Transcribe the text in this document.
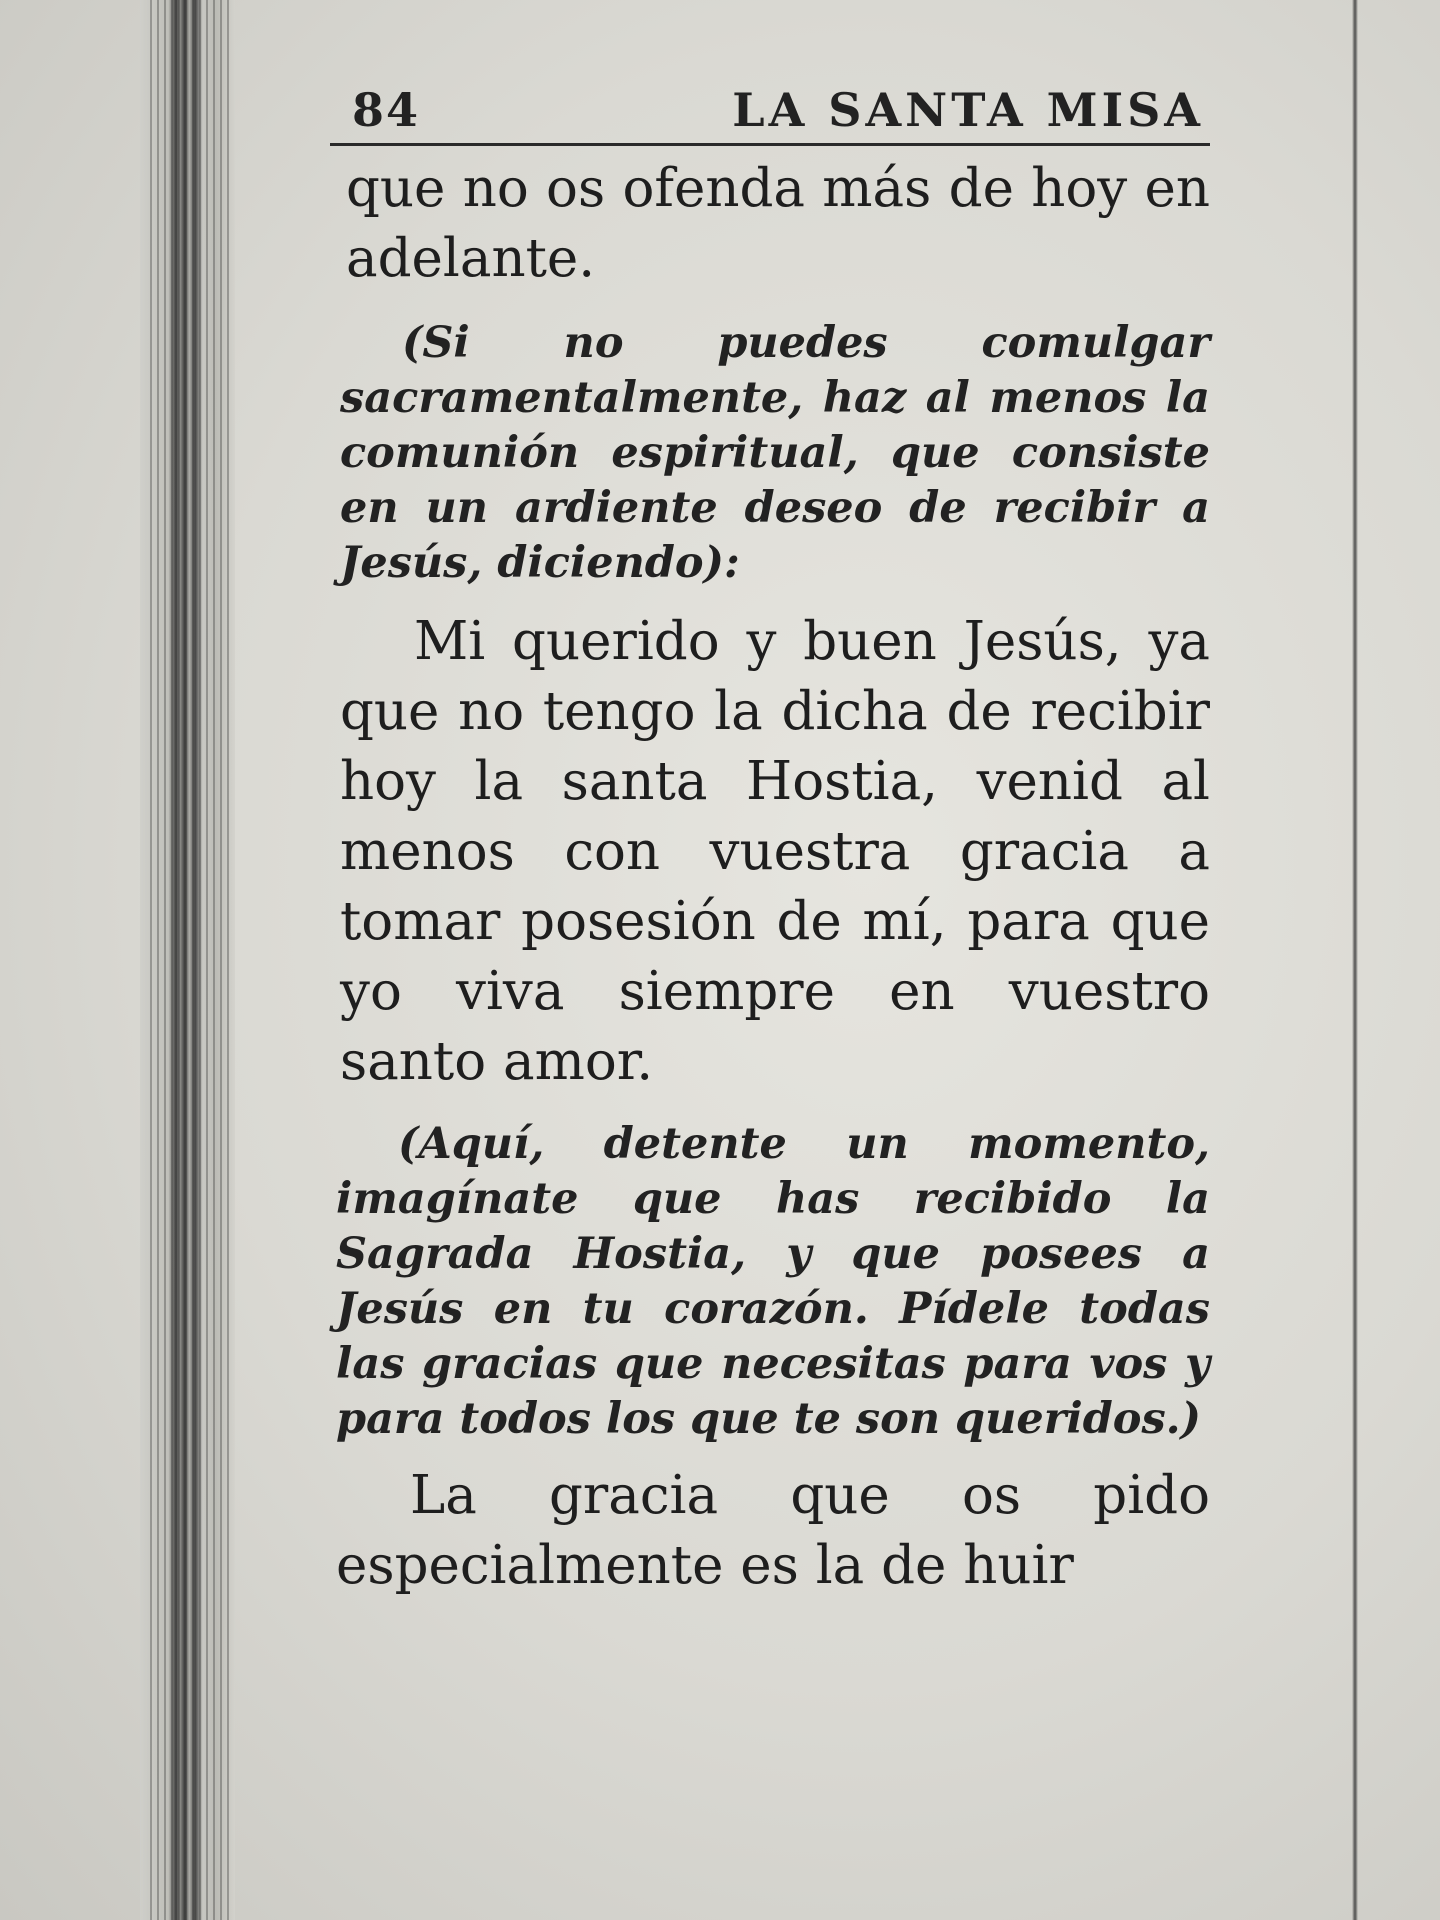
84	LA SANTA MISA

que no os ofenda más de hoy en adelante.

(Si no puedes comulgar sacramentalmente, haz al menos la comunión espiritual, que consiste en un ardiente deseo de recibir a Jesús, diciendo):

Mi querido y buen Jesús, ya que no tengo la dicha de recibir hoy la santa Hostia, venid al menos con vuestra gracia a tomar posesión de mí, para que yo viva siempre en vuestro santo amor.

(Aquí, detente un momento, imagínate que has recibido la Sagrada Hostia, y que posees a Jesús en tu corazón. Pídele todas las gracias que necesitas para vos y para todos los que te son queridos.)

La gracia que os pido especialmente es la de huir
